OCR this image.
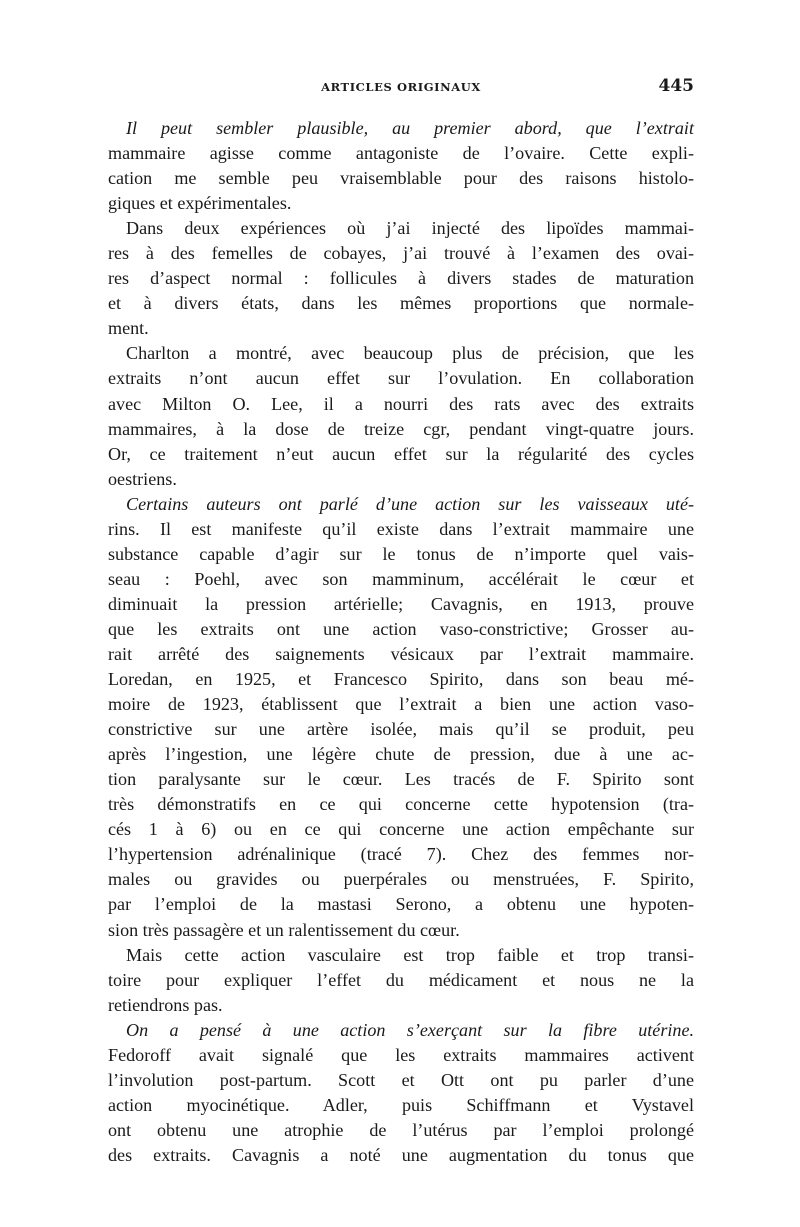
ARTICLES ORIGINAUX	445
Il peut sembler plausible, au premier abord, que l’extrait
mammaire agisse comme antagoniste de l’ovaire. Cette expli-
cation me semble peu vraisemblable pour des raisons histolo-
giques et expérimentales.
Dans deux expériences où j’ai injecté des lipoïdes mammai-
res à des femelles de cobayes, j’ai trouvé à l’examen des ovai-
res d’aspect normal : follicules à divers stades de maturation
et à divers états, dans les mêmes proportions que normale-
ment.
Charlton a montré, avec beaucoup plus de précision, que les
extraits n’ont aucun effet sur l’ovulation. En collaboration
avec Milton O. Lee, il a nourri des rats avec des extraits
mammaires, à la dose de treize cgr, pendant vingt-quatre jours.
Or, ce traitement n’eut aucun effet sur la régularité des cycles
oestriens.
Certains auteurs ont parlé d’une action sur les vaisseaux uté-
rins. Il est manifeste qu’il existe dans l’extrait mammaire une
substance capable d’agir sur le tonus de n’importe quel vais-
seau : Poehl, avec son mamminum, accélérait le cœur et
diminuait la pression artérielle; Cavagnis, en 1913, prouve
que les extraits ont une action vaso-constrictive; Grosser au-
rait arrêté des saignements vésicaux par l’extrait mammaire.
Loredan, en 1925, et Francesco Spirito, dans son beau mé-
moire de 1923, établissent que l’extrait a bien une action vaso-
constrictive sur une artère isolée, mais qu’il se produit, peu
après l’ingestion, une légère chute de pression, due à une ac-
tion paralysante sur le cœur. Les tracés de F. Spirito sont
très démonstratifs en ce qui concerne cette hypotension (tra-
cés 1 à 6) ou en ce qui concerne une action empêchante sur
l’hypertension adrénalinique (tracé 7). Chez des femmes nor-
males ou gravides ou puerpérales ou menstruées, F. Spirito,
par l’emploi de la mastasi Serono, a obtenu une hypoten-
sion très passagère et un ralentissement du cœur.
Mais cette action vasculaire est trop faible et trop transi-
toire pour expliquer l’effet du médicament et nous ne la
retiendrons pas.
On a pensé à une action s’exerçant sur la fibre utérine.
Fedoroff avait signalé que les extraits mammaires activent
l’involution post-partum. Scott et Ott ont pu parler d’une
action myocinétique. Adler, puis Schiffmann et Vystavel
ont obtenu une atrophie de l’utérus par l’emploi prolongé
des extraits. Cavagnis a noté une augmentation du tonus que
